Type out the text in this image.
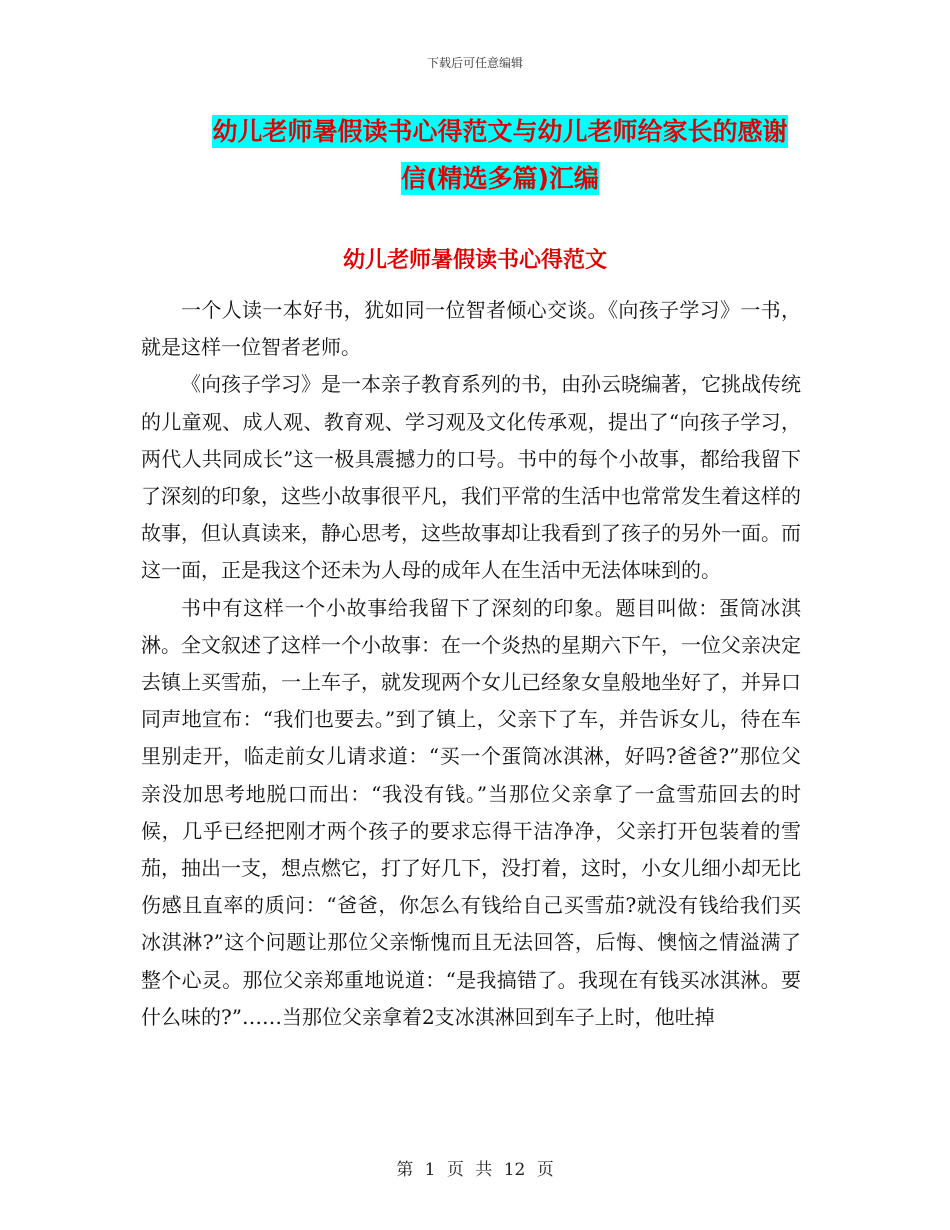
下载后可任意编辑
幼儿老师暑假读书心得范文与幼儿老师给家长的感谢
信(精选多篇)汇编
幼儿老师暑假读书心得范文

一个人读一本好书，犹如同一位智者倾心交谈。《向孩子学习》一书，就是这样一位智者老师。

《向孩子学习》是一本亲子教育系列的书，由孙云晓编著，它挑战传统的儿童观、成人观、教育观、学习观及文化传承观，提出了“向孩子学习，两代人共同成长”这一极具震撼力的口号。书中的每个小故事，都给我留下了深刻的印象，这些小故事很平凡，我们平常的生活中也常常发生着这样的故事，但认真读来，静心思考，这些故事却让我看到了孩子的另外一面。而这一面，正是我这个还未为人母的成年人在生活中无法体味到的。

书中有这样一个小故事给我留下了深刻的印象。题目叫做：蛋筒冰淇淋。全文叙述了这样一个小故事：在一个炎热的星期六下午，一位父亲决定去镇上买雪茄，一上车子，就发现两个女儿已经象女皇般地坐好了，并异口同声地宣布：“我们也要去。”到了镇上，父亲下了车，并告诉女儿，待在车里别走开，临走前女儿请求道：“买一个蛋筒冰淇淋，好吗?爸爸?”那位父亲没加思考地脱口而出：“我没有钱。”当那位父亲拿了一盒雪茄回去的时候，几乎已经把刚才两个孩子的要求忘得干洁净净，父亲打开包装着的雪茄，抽出一支，想点燃它，打了好几下，没打着，这时，小女儿细小却无比伤感且直率的质问：“爸爸，你怎么有钱给自己买雪茄?就没有钱给我们买冰淇淋?”这个问题让那位父亲惭愧而且无法回答，后悔、懊恼之情溢满了整个心灵。那位父亲郑重地说道：“是我搞错了。我现在有钱买冰淇淋。要什么味的?”……当那位父亲拿着2支冰淇淋回到车子上时，他吐掉

第 1 页 共 12 页
